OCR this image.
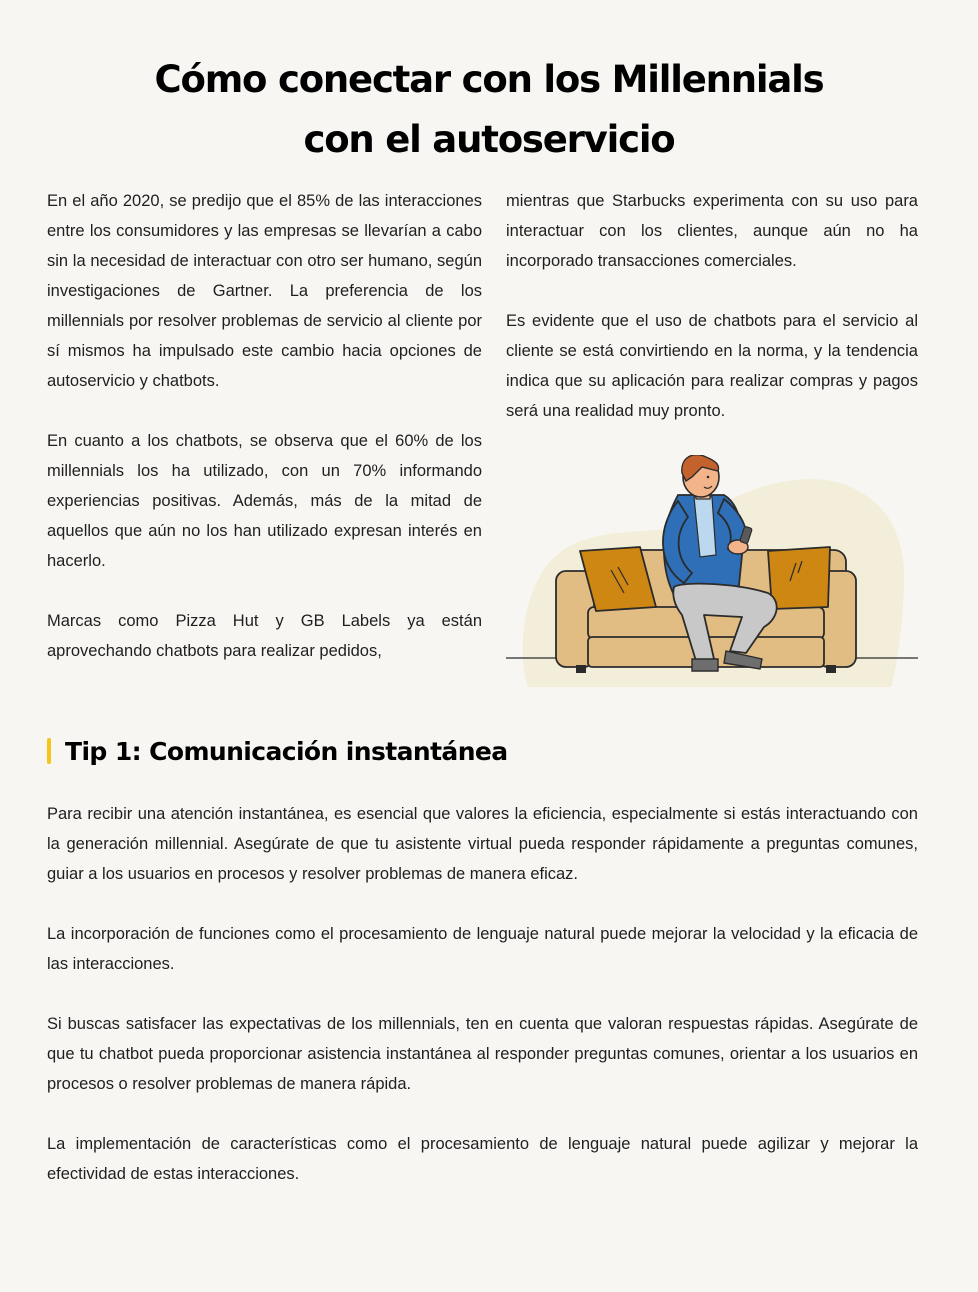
Cómo conectar con los Millennials
con el autoservicio

En el año 2020, se predijo que el 85% de las interacciones entre los consumidores y las empresas se llevarían a cabo sin la necesidad de interactuar con otro ser humano, según investigaciones de Gartner. La preferencia de los millennials por resolver problemas de servicio al cliente por sí mismos ha impulsado este cambio hacia opciones de autoservicio y chatbots.

En cuanto a los chatbots, se observa que el 60% de los millennials los ha utilizado, con un 70% informando experiencias positivas. Además, más de la mitad de aquellos que aún no los han utilizado expresan interés en hacerlo.

Marcas como Pizza Hut y GB Labels ya están aprovechando chatbots para realizar pedidos,

mientras que Starbucks experimenta con su uso para interactuar con los clientes, aunque aún no ha incorporado transacciones comerciales.

Es evidente que el uso de chatbots para el servicio al cliente se está convirtiendo en la norma, y la tendencia indica que su aplicación para realizar compras y pagos será una realidad muy pronto.

Tip 1: Comunicación instantánea

Para recibir una atención instantánea, es esencial que valores la eficiencia, especialmente si estás interactuando con la generación millennial. Asegúrate de que tu asistente virtual pueda responder rápidamente a preguntas comunes, guiar a los usuarios en procesos y resolver problemas de manera eficaz.

La incorporación de funciones como el procesamiento de lenguaje natural puede mejorar la velocidad y la eficacia de las interacciones.

Si buscas satisfacer las expectativas de los millennials, ten en cuenta que valoran respuestas rápidas. Asegúrate de que tu chatbot pueda proporcionar asistencia instantánea al responder preguntas comunes, orientar a los usuarios en procesos o resolver problemas de manera rápida.

La implementación de características como el procesamiento de lenguaje natural puede agilizar y mejorar la efectividad de estas interacciones.
